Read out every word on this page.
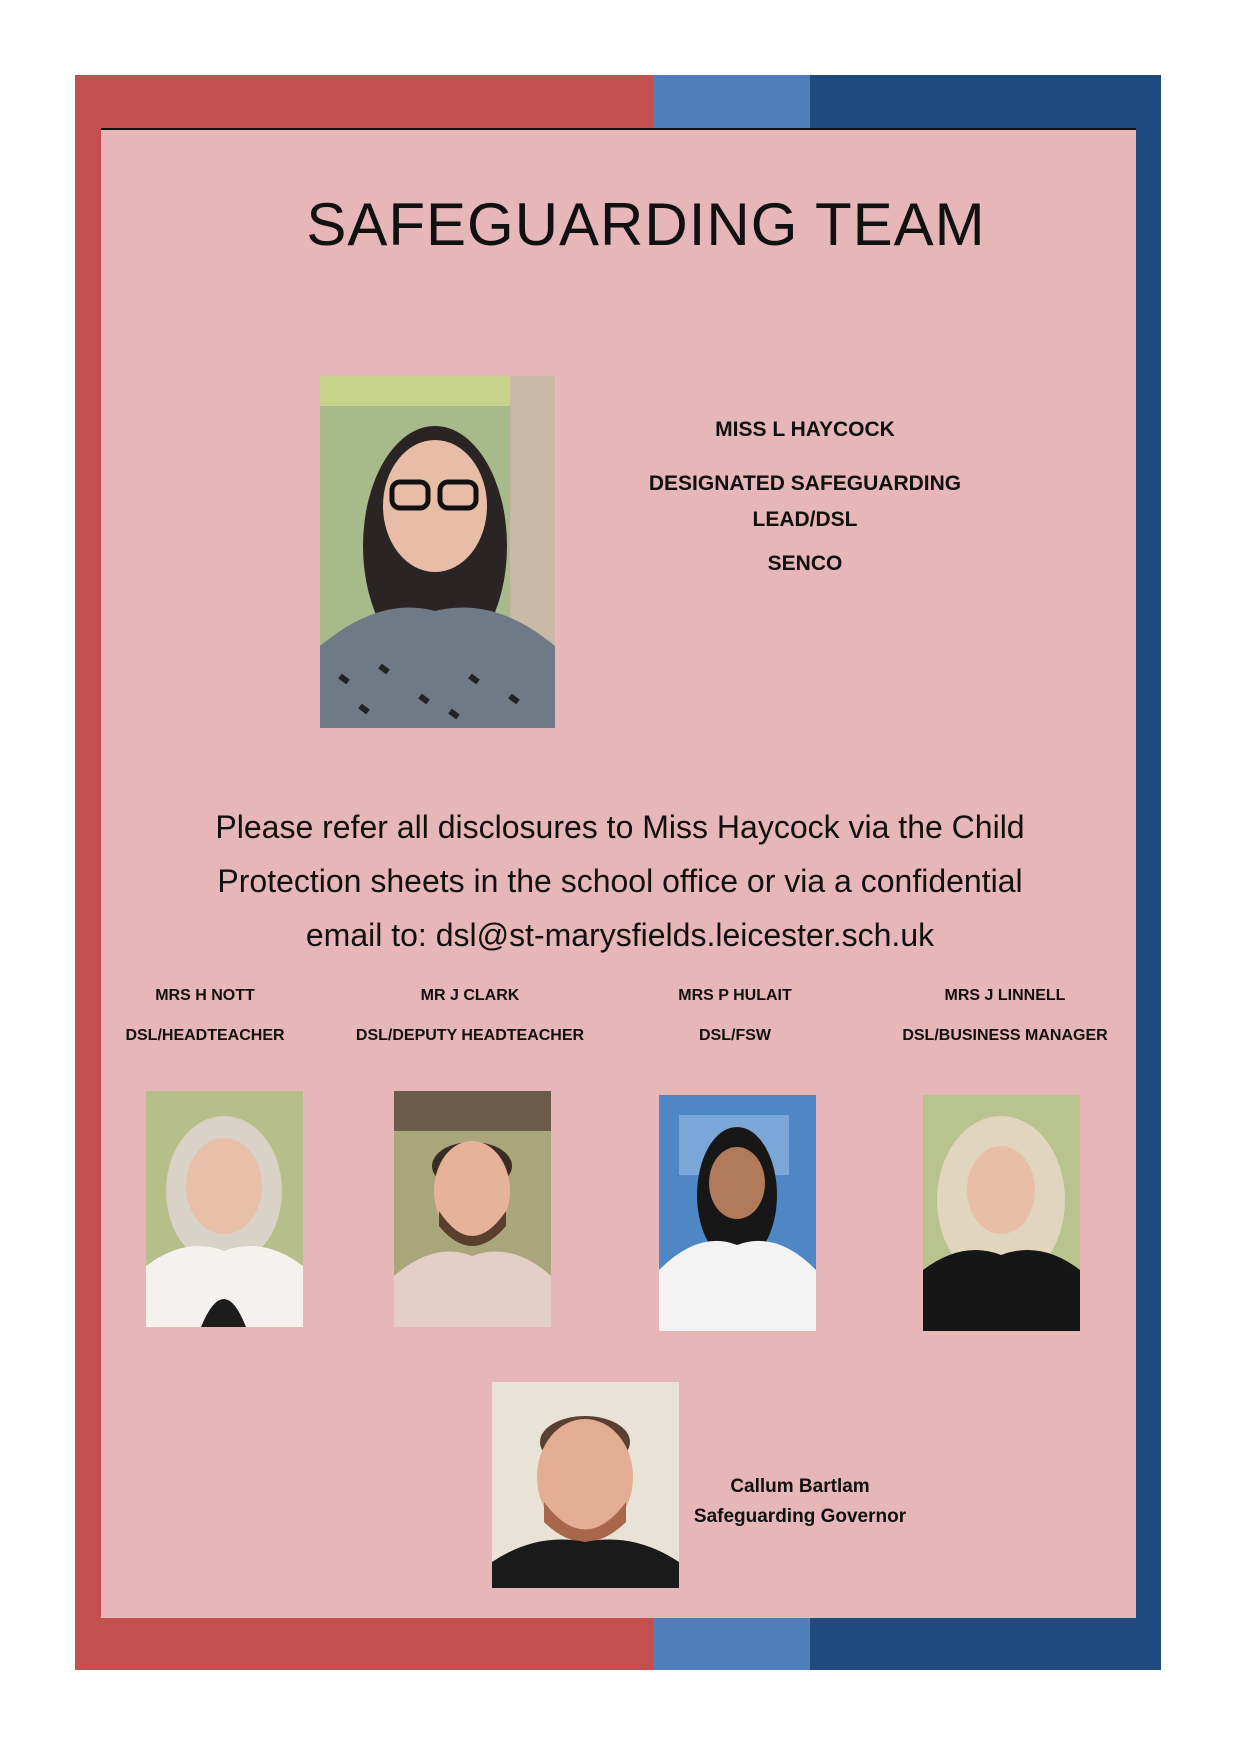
SAFEGUARDING TEAM
MISS L HAYCOCK
DESIGNATED SAFEGUARDING LEAD/DSL
SENCO
Please refer all disclosures to Miss Haycock via the Child
Protection sheets in the school office or via a confidential
email to: dsl@st-marysfields.leicester.sch.uk
MRS H NOTT
DSL/HEADTEACHER
MR J CLARK
DSL/DEPUTY HEADTEACHER
MRS P HULAIT
DSL/FSW
MRS J LINNELL
DSL/BUSINESS MANAGER
Callum Bartlam
Safeguarding Governor
